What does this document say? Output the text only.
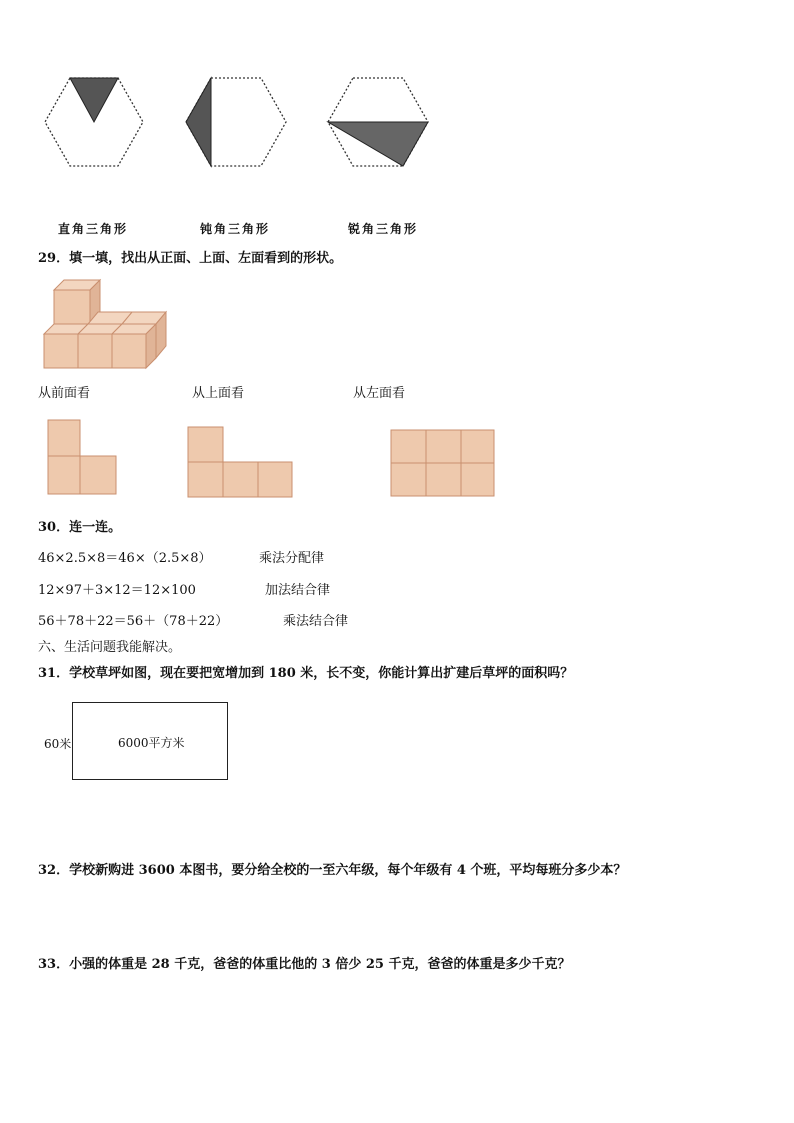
直角三角形	钝角三角形	锐角三角形
29．填一填，找出从正面、上面、左面看到的形状。
从前面看	从上面看	从左面看
30．连一连。
46×2.5×8＝46×（2.5×8）	乘法分配律
12×97＋3×12＝12×100	加法结合律
56＋78＋22＝56＋（78＋22）	乘法结合律
六、生活问题我能解决。
31．学校草坪如图，现在要把宽增加到 180 米，长不变，你能计算出扩建后草坪的面积吗？
60米	6000平方米
32．学校新购进 3600 本图书，要分给全校的一至六年级，每个年级有 4 个班，平均每班分多少本？
33．小强的体重是 28 千克，爸爸的体重比他的 3 倍少 25 千克，爸爸的体重是多少千克？
